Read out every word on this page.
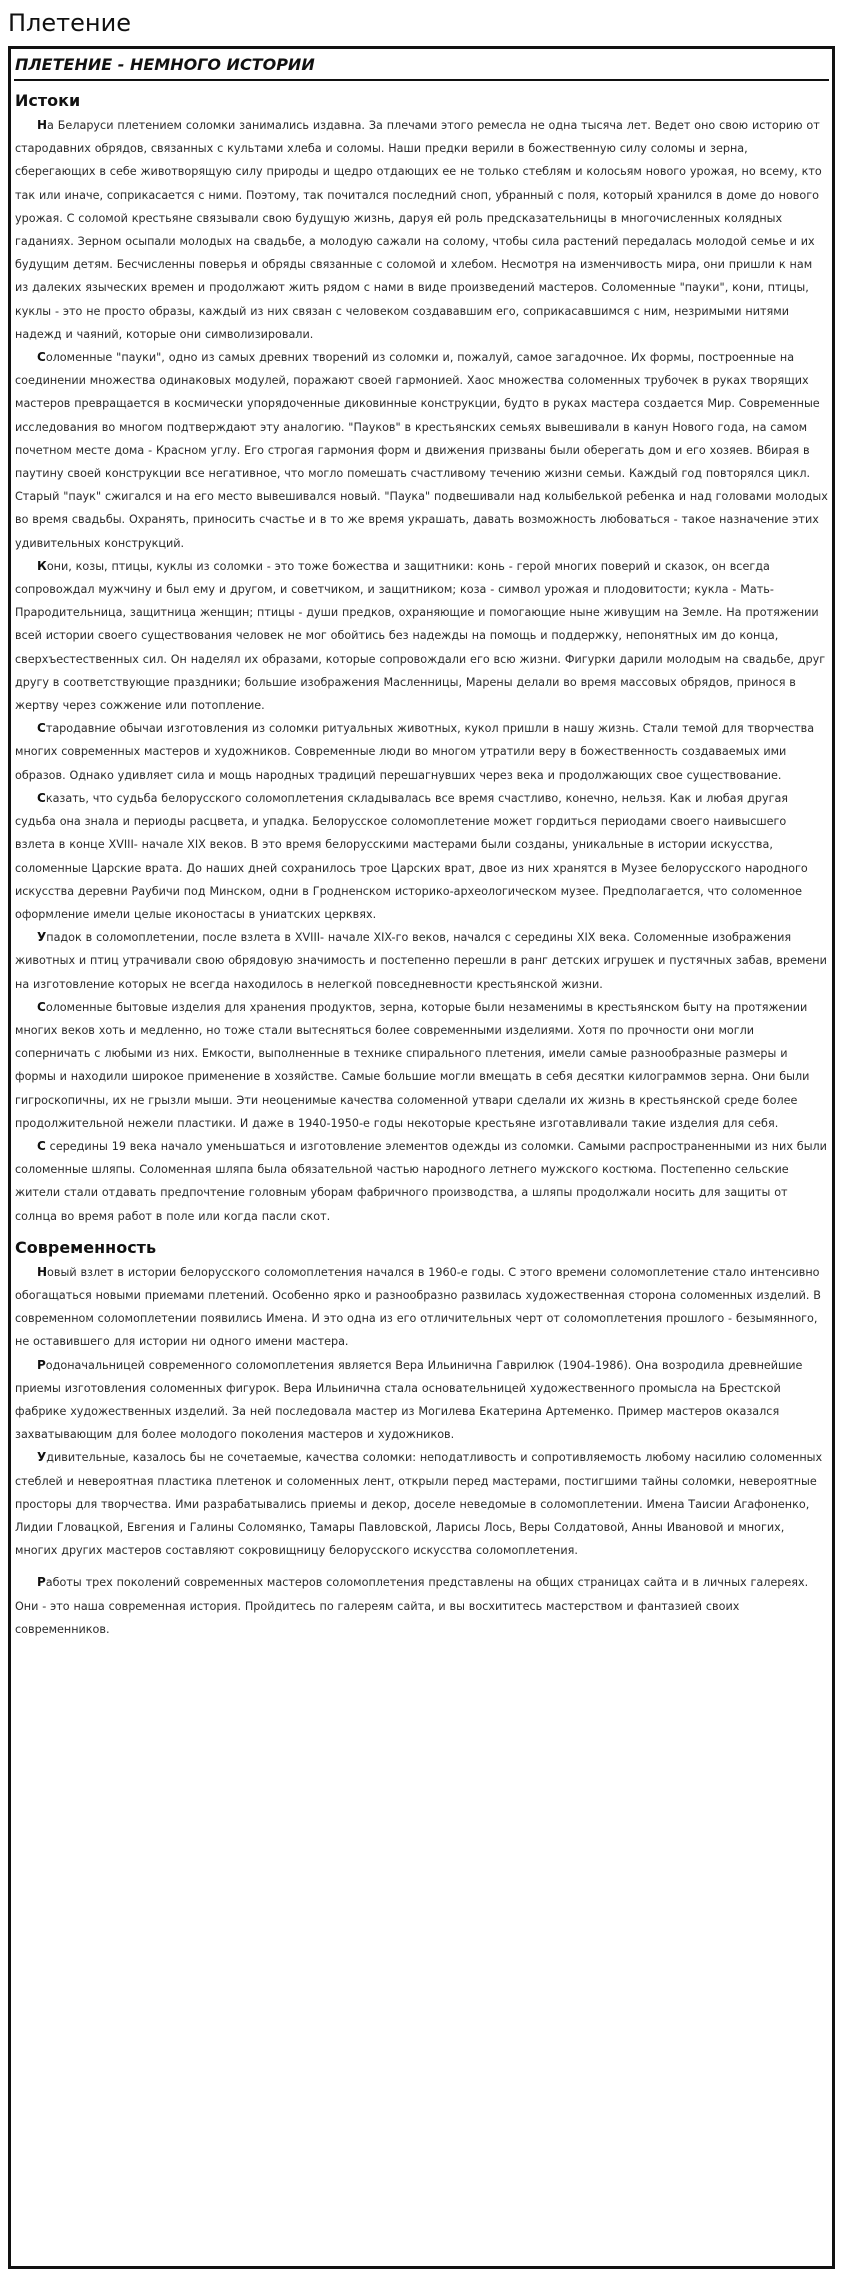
Плетение
ПЛЕТЕНИЕ - НЕМНОГО ИСТОРИИ
Истоки

На Беларуси плетением соломки занимались издавна. За плечами этого ремесла не одна тысяча лет. Ведет оно свою историю от стародавних обрядов, связанных с культами хлеба и соломы. Наши предки верили в божественную силу соломы и зерна, сберегающих в себе животворящую силу природы и щедро отдающих ее не только стеблям и колосьям нового урожая, но всему, кто так или иначе, соприкасается с ними. Поэтому, так почитался последний сноп, убранный с поля, который хранился в доме до нового урожая. С соломой крестьяне связывали свою будущую жизнь, даруя ей роль предсказательницы в многочисленных колядных гаданиях. Зерном осыпали молодых на свадьбе, а молодую сажали на солому, чтобы сила растений передалась молодой семье и их будущим детям. Бесчисленны поверья и обряды связанные с соломой и хлебом. Несмотря на изменчивость мира, они пришли к нам из далеких языческих времен и продолжают жить рядом с нами в виде произведений мастеров. Соломенные "пауки", кони, птицы, куклы - это не просто образы, каждый из них связан с человеком создававшим его, соприкасавшимся с ним, незримыми нитями надежд и чаяний, которые они символизировали.

Соломенные "пауки", одно из самых древних творений из соломки и, пожалуй, самое загадочное. Их формы, построенные на соединении множества одинаковых модулей, поражают своей гармонией. Хаос множества соломенных трубочек в руках творящих мастеров превращается в космически упорядоченные диковинные конструкции, будто в руках мастера создается Мир. Современные исследования во многом подтверждают эту аналогию. "Пауков" в крестьянских семьях вывешивали в канун Нового года, на самом почетном месте дома - Красном углу. Его строгая гармония форм и движения призваны были оберегать дом и его хозяев. Вбирая в паутину своей конструкции все негативное, что могло помешать счастливому течению жизни семьи. Каждый год повторялся цикл. Старый "паук" сжигался и на его место вывешивался новый. "Паука" подвешивали над колыбелькой ребенка и над головами молодых во время свадьбы. Охранять, приносить счастье и в то же время украшать, давать возможность любоваться - такое назначение этих удивительных конструкций.

Кони, козы, птицы, куклы из соломки - это тоже божества и защитники: конь - герой многих поверий и сказок, он всегда сопровождал мужчину и был ему и другом, и советчиком, и защитником; коза - символ урожая и плодовитости; кукла - Мать-Прародительница, защитница женщин; птицы - души предков, охраняющие и помогающие ныне живущим на Земле. На протяжении всей истории своего существования человек не мог обойтись без надежды на помощь и поддержку, непонятных им до конца, сверхъестественных сил. Он наделял их образами, которые сопровождали его всю жизни. Фигурки дарили молодым на свадьбе, друг другу в соответствующие праздники; большие изображения Масленницы, Марены делали во время массовых обрядов, принося в жертву через сожжение или потопление.

Стародавние обычаи изготовления из соломки ритуальных животных, кукол пришли в нашу жизнь. Стали темой для творчества многих современных мастеров и художников. Современные люди во многом утратили веру в божественность создаваемых ими образов. Однако удивляет сила и мощь народных традиций перешагнувших через века и продолжающих свое существование.

Сказать, что судьба белорусского соломоплетения складывалась все время счастливо, конечно, нельзя. Как и любая другая судьба она знала и периоды расцвета, и упадка. Белорусское соломоплетение может гордиться периодами своего наивысшего взлета в конце XVIII- начале XIX веков. В это время белорусскими мастерами были созданы, уникальные в истории искусства, соломенные Царские врата. До наших дней сохранилось трое Царских врат, двое из них хранятся в Музее белорусского народного искусства деревни Раубичи под Минском, одни в Гродненском историко-археологическом музее. Предполагается, что соломенное оформление имели целые иконостасы в униатских церквях.

Упадок в соломоплетении, после взлета в XVIII- начале XIX-го веков, начался с середины XIX века. Соломенные изображения животных и птиц утрачивали свою обрядовую значимость и постепенно перешли в ранг детских игрушек и пустячных забав, времени на изготовление которых не всегда находилось в нелегкой повседневности крестьянской жизни.

Соломенные бытовые изделия для хранения продуктов, зерна, которые были незаменимы в крестьянском быту на протяжении многих веков хоть и медленно, но тоже стали вытесняться более современными изделиями. Хотя по прочности они могли соперничать с любыми из них. Емкости, выполненные в технике спирального плетения, имели самые разнообразные размеры и формы и находили широкое применение в хозяйстве. Самые большие могли вмещать в себя десятки килограммов зерна. Они были гигроскопичны, их не грызли мыши. Эти неоценимые качества соломенной утвари сделали их жизнь в крестьянской среде более продолжительной нежели пластики. И даже в 1940-1950-е годы некоторые крестьяне изготавливали такие изделия для себя.

С середины 19 века начало уменьшаться и изготовление элементов одежды из соломки. Самыми распространенными из них были соломенные шляпы. Соломенная шляпа была обязательной частью народного летнего мужского костюма. Постепенно сельские жители стали отдавать предпочтение головным уборам фабричного производства, а шляпы продолжали носить для защиты от солнца во время работ в поле или когда пасли скот.

Современность

Новый взлет в истории белорусского соломоплетения начался в 1960-е годы. С этого времени соломоплетение стало интенсивно обогащаться новыми приемами плетений. Особенно ярко и разнообразно развилась художественная сторона соломенных изделий. В современном соломоплетении появились Имена. И это одна из его отличительных черт от соломоплетения прошлого - безымянного, не оставившего для истории ни одного имени мастера.

Родоначальницей современного соломоплетения является Вера Ильинична Гаврилюк (1904-1986). Она возродила древнейшие приемы изготовления соломенных фигурок. Вера Ильинична стала основательницей художественного промысла на Брестской фабрике художественных изделий. За ней последовала мастер из Могилева Екатерина Артеменко. Пример мастеров оказался захватывающим для более молодого поколения мастеров и художников.

Удивительные, казалось бы не сочетаемые, качества соломки: неподатливость и сопротивляемость любому насилию соломенных стеблей и невероятная пластика плетенок и соломенных лент, открыли перед мастерами, постигшими тайны соломки, невероятные просторы для творчества. Ими разрабатывались приемы и декор, доселе неведомые в соломоплетении. Имена Таисии Агафоненко, Лидии Гловацкой, Евгения и Галины Соломянко, Тамары Павловской, Ларисы Лось, Веры Солдатовой, Анны Ивановой и многих, многих других мастеров составляют сокровищницу белорусского искусства соломоплетения.

Работы трех поколений современных мастеров соломоплетения представлены на общих страницах сайта и в личных галереях. Они - это наша современная история. Пройдитесь по галереям сайта, и вы восхититесь мастерством и фантазией своих современников.
